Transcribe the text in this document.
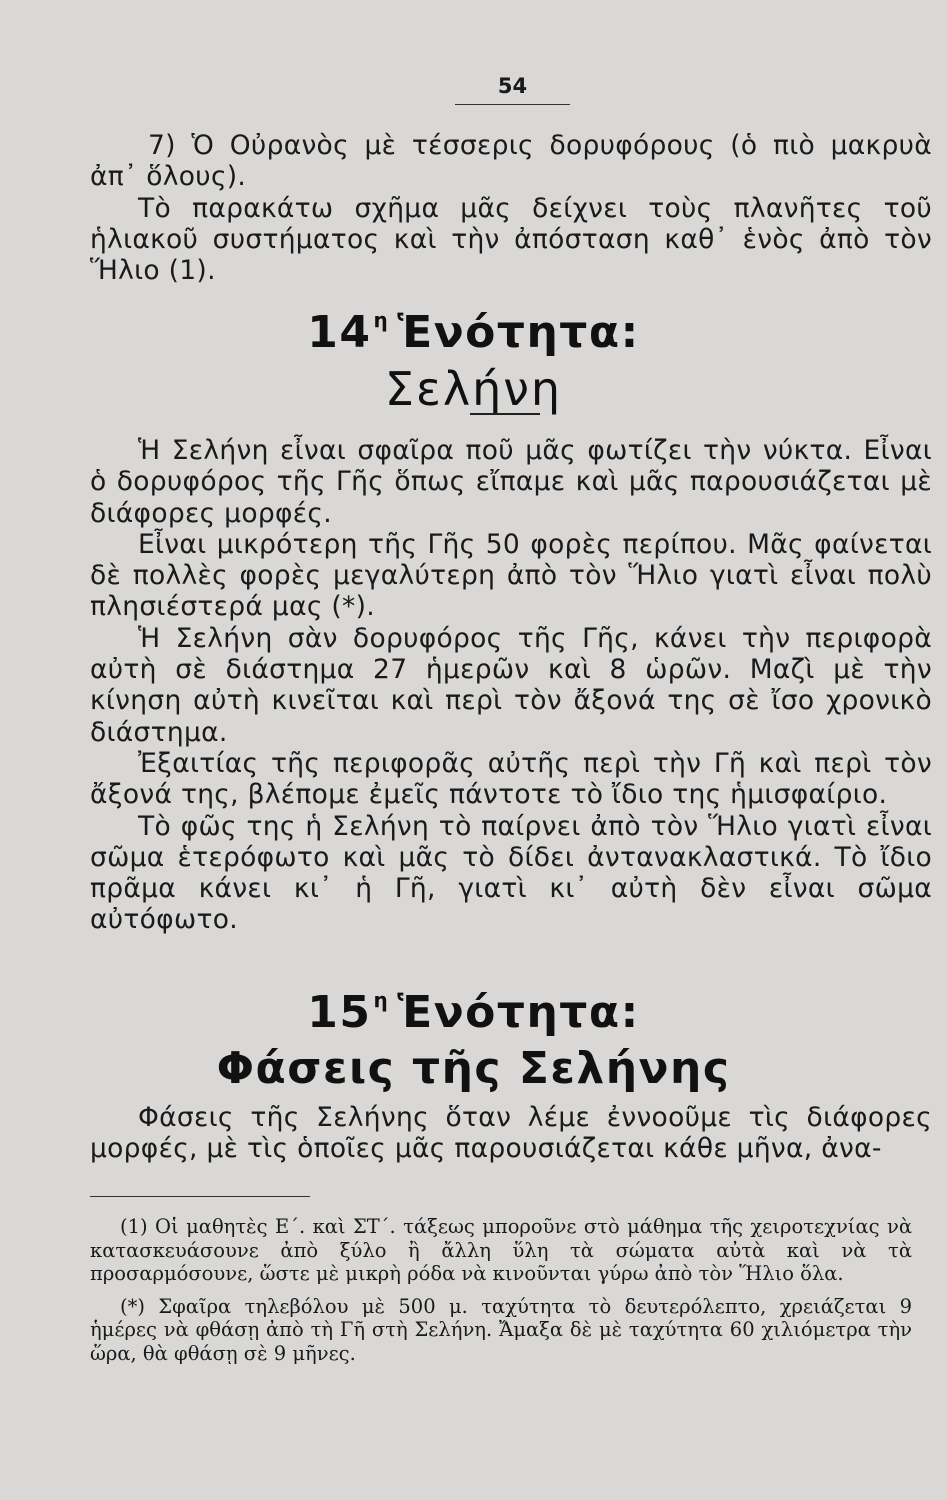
54

7) Ὁ Οὐρανὸς μὲ τέσσερις δορυφόρους (ὁ πιὸ μακρυὰ ἀπ᾽ ὅλους).

Τὸ παρακάτω σχῆμα μᾶς δείχνει τοὺς πλανῆτες τοῦ ἡλιακοῦ συστήματος καὶ τὴν ἀπόσταση καθ᾽ ἑνὸς ἀπὸ τὸν Ἥλιο (1).

14 $^\eta$ Ἑνότητα:
Σελήνη

Ἡ Σελήνη εἶναι σφαῖρα ποῦ μᾶς φωτίζει τὴν νύκτα. Εἶναι ὁ δορυφόρος τῆς Γῆς ὅπως εἴπαμε καὶ μᾶς παρουσιάζεται μὲ διάφορες μορφές.

Εἶναι μικρότερη τῆς Γῆς 50 φορὲς περίπου. Μᾶς φαίνεται δὲ πολλὲς φορὲς μεγαλύτερη ἀπὸ τὸν Ἥλιο γιατὶ εἶναι πολὺ πλησιέστερά μας (*).

Ἡ Σελήνη σὰν δορυφόρος τῆς Γῆς, κάνει τὴν περιφορὰ αὐτὴ σὲ διάστημα 27 ἡμερῶν καὶ 8 ὡρῶν. Μαζὶ μὲ τὴν κίνηση αὐτὴ κινεῖται καὶ περὶ τὸν ἄξονά της σὲ ἴσο χρονικὸ διάστημα.

Ἐξαιτίας τῆς περιφορᾶς αὐτῆς περὶ τὴν Γῆ καὶ περὶ τὸν ἄξονά της, βλέπομε ἐμεῖς πάντοτε τὸ ἴδιο της ἡμισφαίριο.

Τὸ φῶς της ἡ Σελήνη τὸ παίρνει ἀπὸ τὸν Ἥλιο γιατὶ εἶναι σῶμα ἑτερόφωτο καὶ μᾶς τὸ δίδει ἀντανακλαστικά. Τὸ ἴδιο πρᾶμα κάνει κι᾽ ἡ Γῆ, γιατὶ κι᾽ αὐτὴ δὲν εἶναι σῶμα αὐτόφωτο.

15 $^\eta$ Ἑνότητα:
Φάσεις τῆς Σελήνης

Φάσεις τῆς Σελήνης ὅταν λέμε ἐννοοῦμε τὶς διάφορες μορφές, μὲ τὶς ὁποῖες μᾶς παρουσιάζεται κάθε μῆνα, ἀνα-

(1) Οἱ μαθητὲς Ε΄. καὶ ΣΤ΄. τάξεως μποροῦνε στὸ μάθημα τῆς χειροτεχνίας νὰ κατασκευάσουνε ἀπὸ ξύλο ἢ ἄλλη ὕλη τὰ σώματα αὐτὰ καὶ νὰ τὰ προσαρμόσουνε, ὥστε μὲ μικρὴ ρόδα νὰ κινοῦνται γύρω ἀπὸ τὸν Ἥλιο ὅλα.

(*) Σφαῖρα τηλεβόλου μὲ 500 μ. ταχύτητα τὸ δευτερόλεπτο, χρειάζεται 9 ἡμέρες νὰ φθάσῃ ἀπὸ τὴ Γῆ στὴ Σελήνη. Ἄμαξα δὲ μὲ ταχύτητα 60 χιλιόμετρα τὴν ὥρα, θὰ φθάσῃ σὲ 9 μῆνες.
